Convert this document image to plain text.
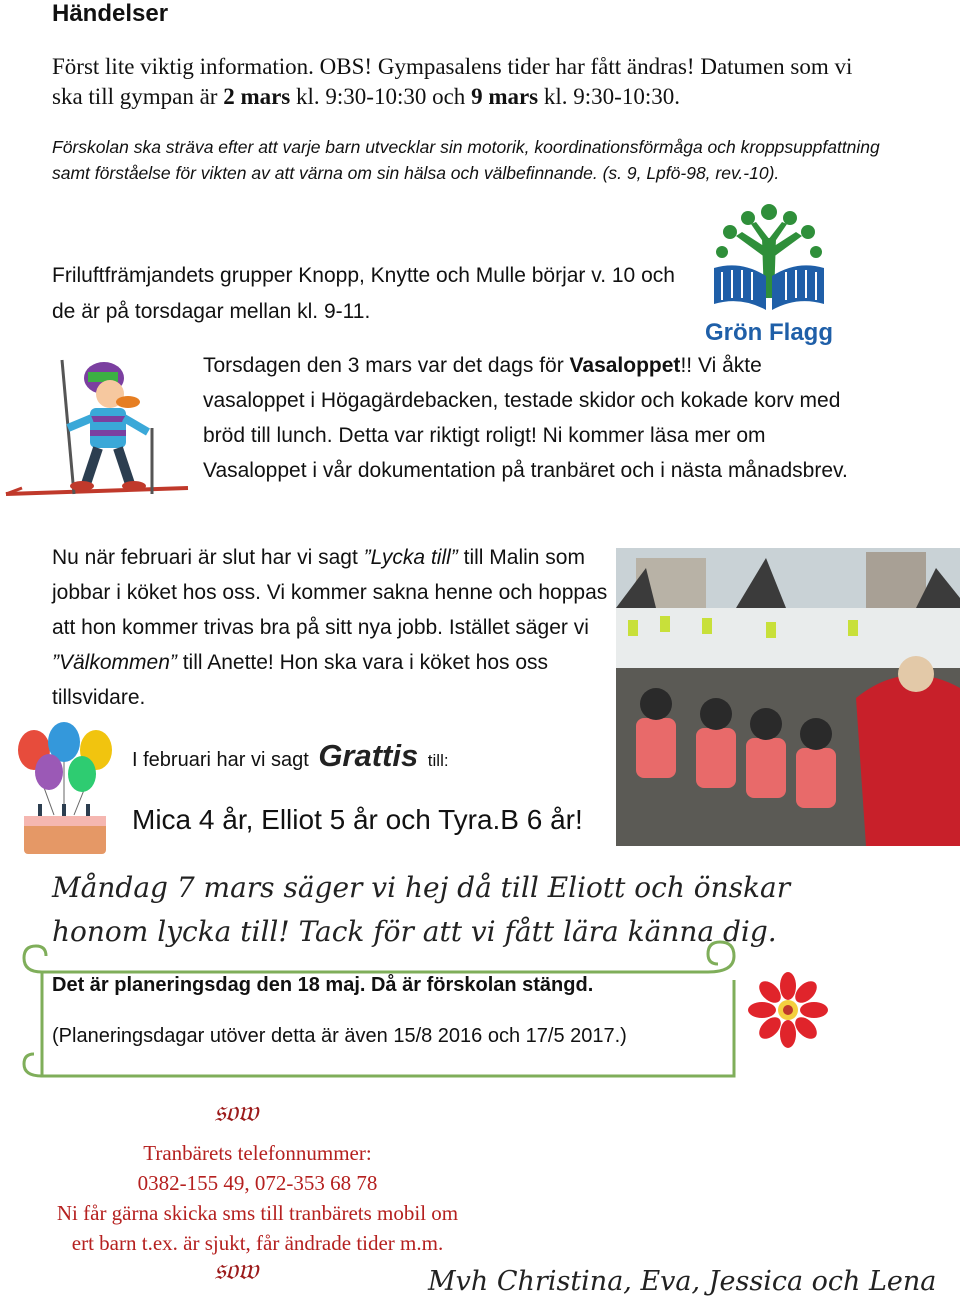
Händelser
Först lite viktig information. OBS! Gympasalens tider har fått ändras! Datumen som vi ska till gympan är 2 mars kl. 9:30-10:30 och 9 mars kl. 9:30-10:30.
Förskolan ska sträva efter att varje barn utvecklar sin motorik, koordinationsförmåga och kroppsuppfattning samt förståelse för vikten av att värna om sin hälsa och välbefinnande. (s. 9, Lpfö-98, rev.-10).
Friluftfrämjandets grupper Knopp, Knytte och Mulle börjar v. 10 och de är på torsdagar mellan kl. 9-11.
Grön Flagg
Torsdagen den 3 mars var det dags för Vasaloppet!! Vi åkte vasaloppet i Högagärdebacken, testade skidor och kokade korv med bröd till lunch. Detta var riktigt roligt! Ni kommer läsa mer om Vasaloppet i vår dokumentation på tranbäret och i nästa månadsbrev.
Nu när februari är slut har vi sagt ”Lycka till” till Malin som jobbar i köket hos oss. Vi kommer sakna henne och hoppas att hon kommer trivas bra på sitt nya jobb. Istället säger vi ”Välkommen” till Anette! Hon ska vara i köket hos oss tillsvidare.
I februari har vi sagt Grattis till:
Mica 4 år, Elliot 5 år och Tyra.B 6 år!
Måndag 7 mars säger vi hej då till Eliott och önskar honom lycka till! Tack för att vi fått lära känna dig.
Det är planeringsdag den 18 maj. Då är förskolan stängd.
(Planeringsdagar utöver detta är även 15/8 2016 och 17/5 2017.)
𝔰𝔬𝔴
Tranbärets telefonnummer:
0382-155 49, 072-353 68 78
Ni får gärna skicka sms till tranbärets mobil om
ert barn t.ex. är sjukt, får ändrade tider m.m.
𝔰𝔬𝔴	Mvh Christina, Eva, Jessica och Lena
